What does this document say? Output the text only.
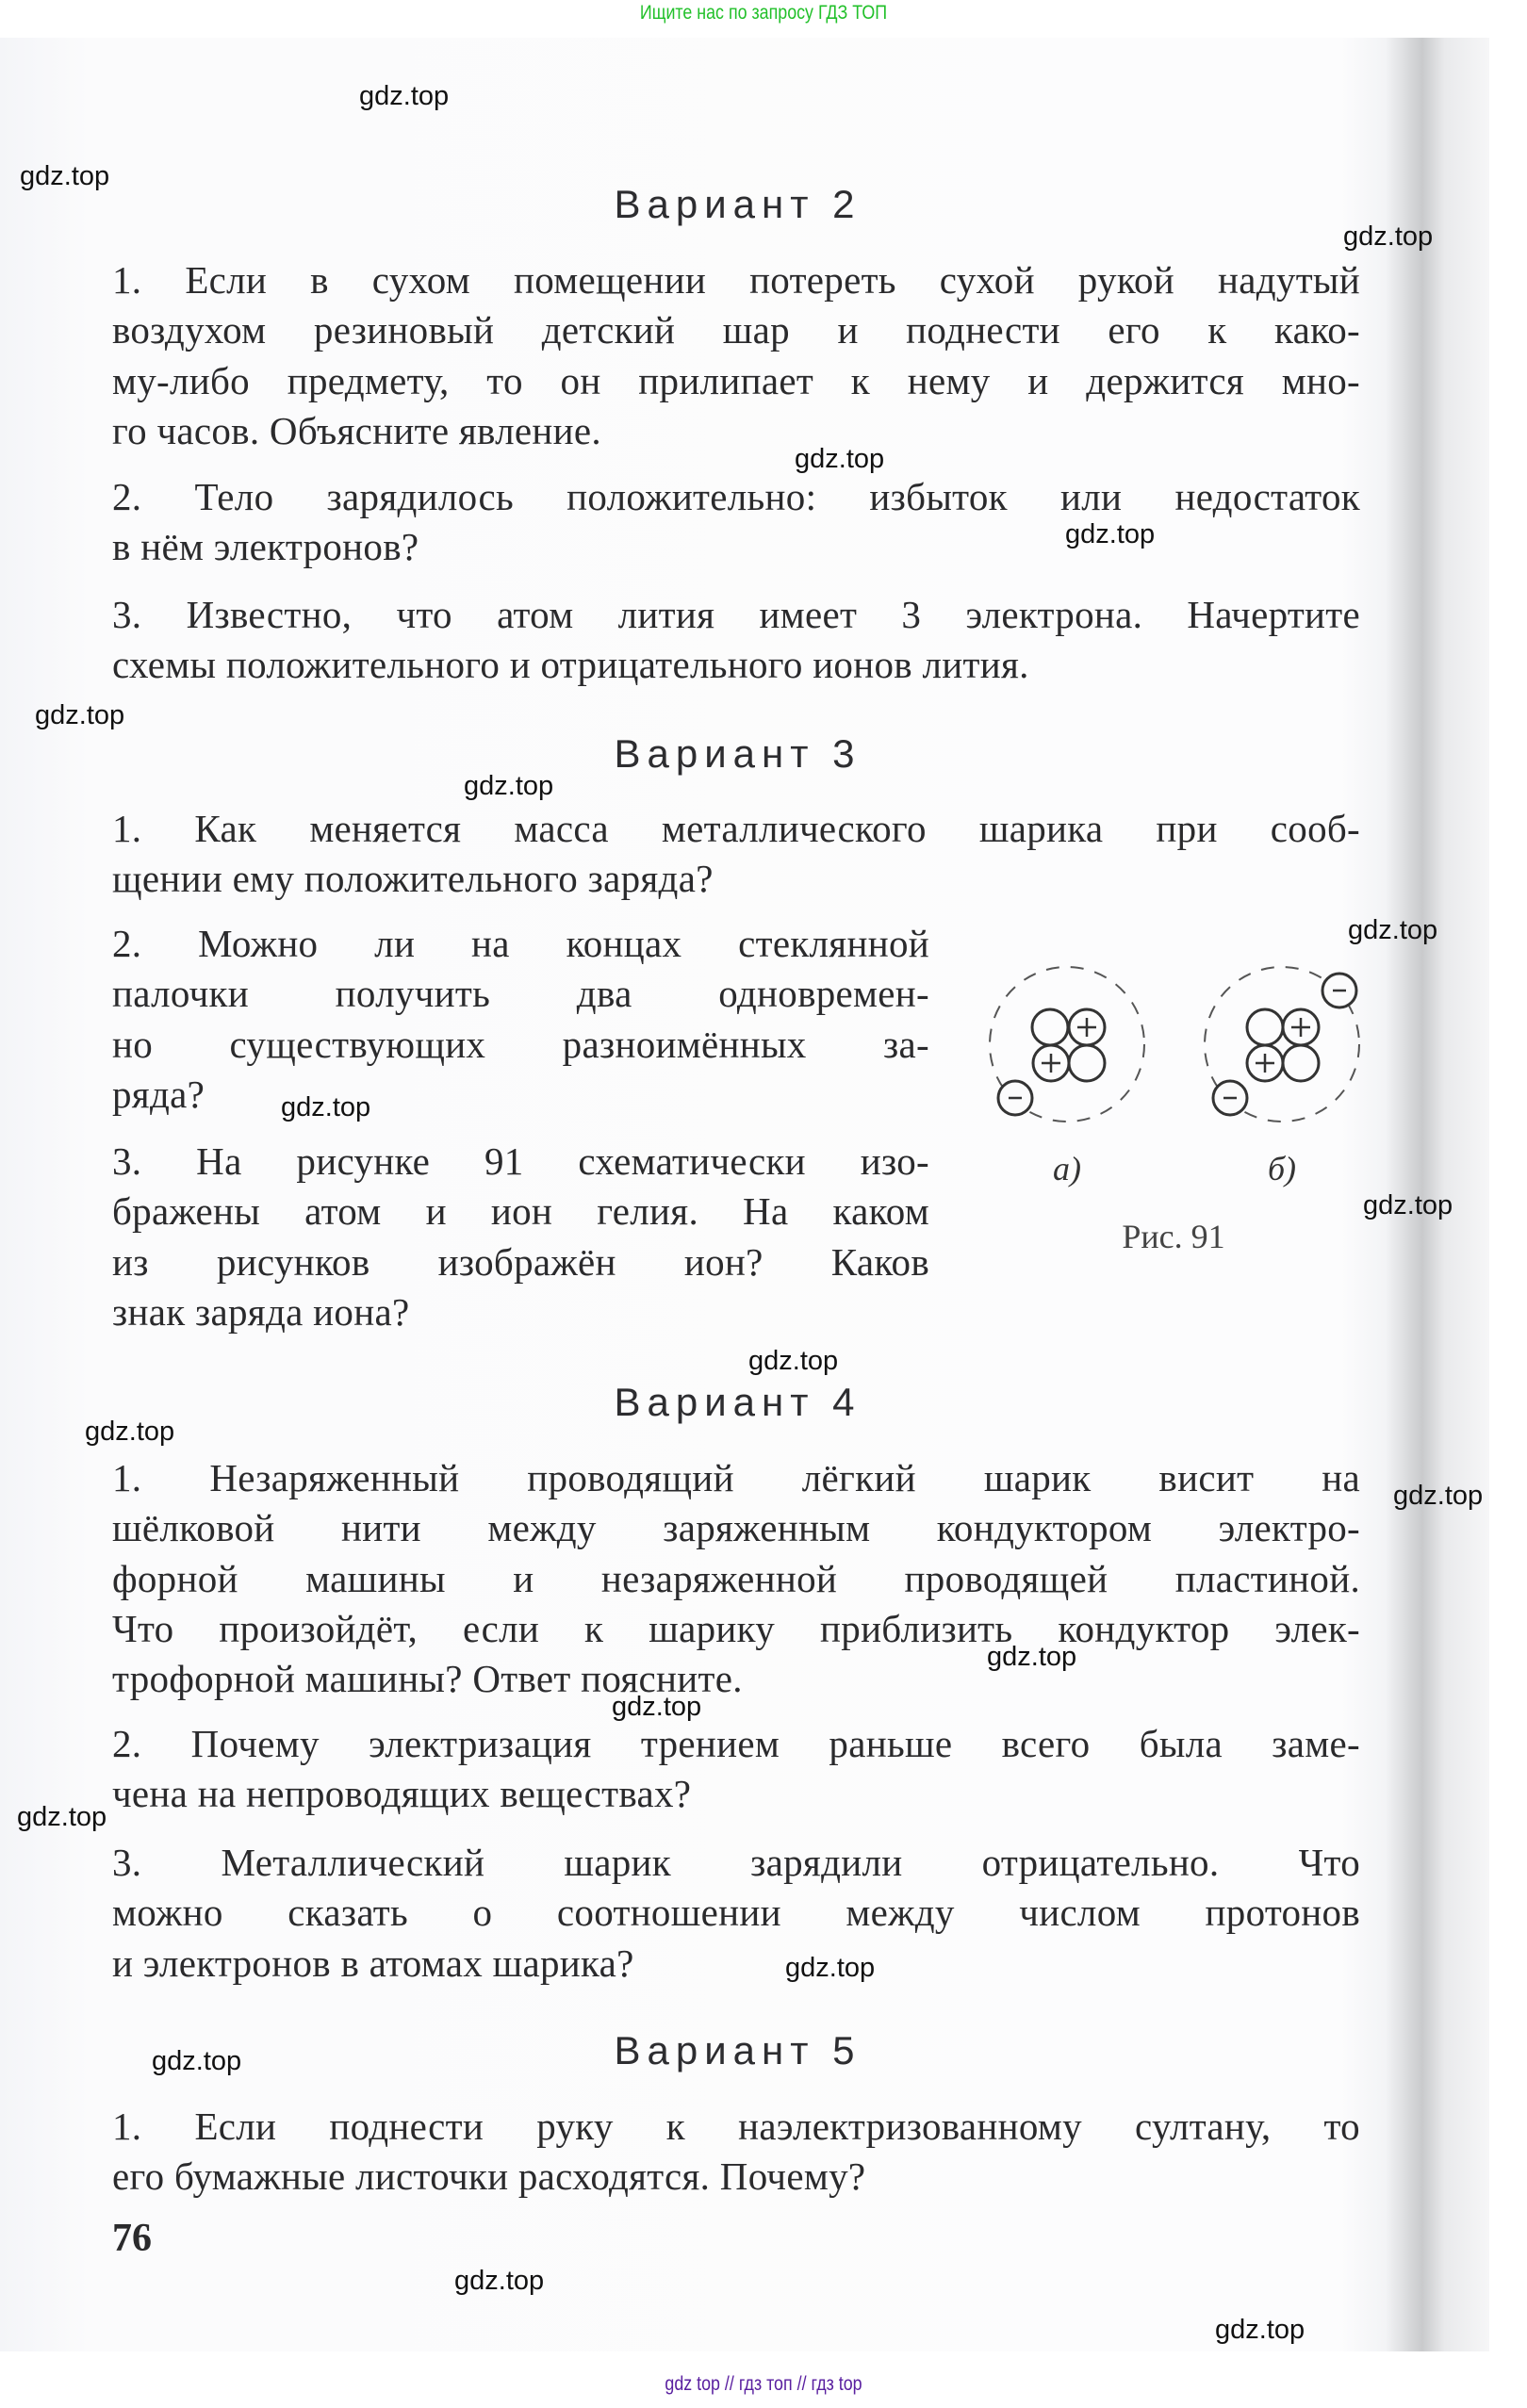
Ищите нас по запросу ГДЗ ТОП
Вариант 2
1. Если в сухом помещении потереть сухой рукой надутый
воздухом резиновый детский шар и поднести его к како-
му-либо предмету, то он прилипает к нему и держится мно-
го часов. Объясните явление.
2. Тело зарядилось положительно: избыток или недостаток
в нём электронов?
3. Известно, что атом лития имеет 3 электрона. Начертите
схемы положительного и отрицательного ионов лития.
Вариант 3
1. Как меняется масса металлического шарика при сооб-
щении ему положительного заряда?
2. Можно ли на концах стеклянной
палочки получить два одновремен-
но существующих разноимённых за-
ряда?
3. На рисунке 91 схематически изо-
бражены атом и ион гелия. На каком
из рисунков изображён ион? Каков
знак заряда иона?
Вариант 4
1. Незаряженный проводящий лёгкий шарик висит на
шёлковой нити между заряженным кондуктором электро-
форной машины и незаряженной проводящей пластиной.
Что произойдёт, если к шарику приблизить кондуктор элек-
трофорной машины? Ответ поясните.
2. Почему электризация трением раньше всего была заме-
чена на непроводящих веществах?
3. Металлический шарик зарядили отрицательно. Что
можно сказать о соотношении между числом протонов
и электронов в атомах шарика?
Вариант 5
1. Если поднести руку к наэлектризованному султану, то
его бумажные листочки расходятся. Почему?
а)	б)
Рис. 91
76
gdz top // гдз топ // гдз top
gdz.top
gdz.top
gdz.top
gdz.top
gdz.top
gdz.top
gdz.top
gdz.top
gdz.top
gdz.top
gdz.top
gdz.top
gdz.top
gdz.top
gdz.top
gdz.top
gdz.top
gdz.top
gdz.top
gdz.top
